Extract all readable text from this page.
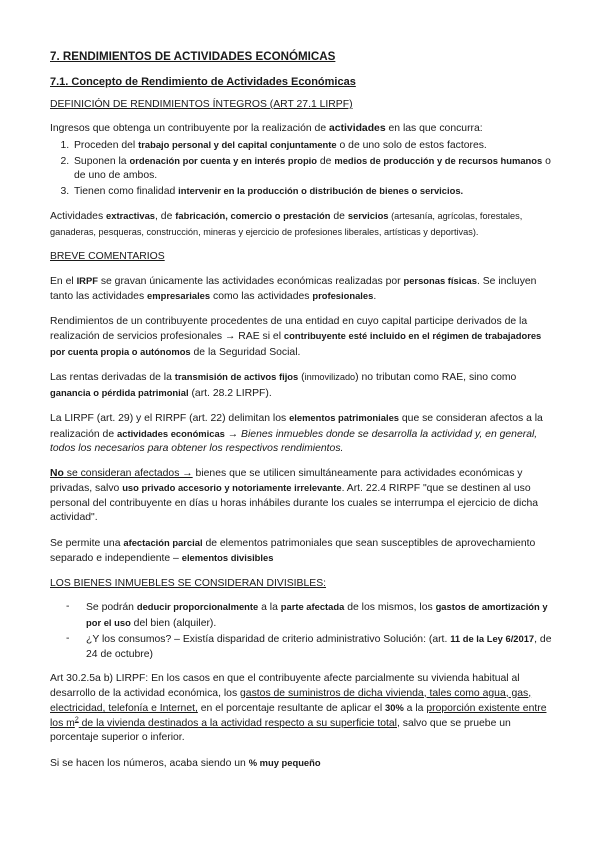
7. RENDIMIENTOS DE ACTIVIDADES ECONÓMICAS
7.1. Concepto de Rendimiento de Actividades Económicas
DEFINICIÓN DE RENDIMIENTOS ÍNTEGROS (ART 27.1 LIRPF)

Ingresos que obtenga un contribuyente por la realización de actividades en las que concurra:

1. Proceden del trabajo personal y del capital conjuntamente o de uno solo de estos factores.
2. Suponen la ordenación por cuenta y en interés propio de medios de producción y de recursos humanos o de uno de ambos.
3. Tienen como finalidad intervenir en la producción o distribución de bienes o servicios.

Actividades extractivas, de fabricación, comercio o prestación de servicios (artesanía, agrícolas, forestales, ganaderas, pesqueras, construcción, mineras y ejercicio de profesiones liberales, artísticas y deportivas).

BREVE COMENTARIOS

En el IRPF se gravan únicamente las actividades económicas realizadas por personas físicas. Se incluyen tanto las actividades empresariales como las actividades profesionales.

Rendimientos de un contribuyente procedentes de una entidad en cuyo capital participe derivados de la realización de servicios profesionales → RAE si el contribuyente esté incluido en el régimen de trabajadores por cuenta propia o autónomos de la Seguridad Social.

Las rentas derivadas de la transmisión de activos fijos (inmovilizado) no tributan como RAE, sino como ganancia o pérdida patrimonial (art. 28.2 LIRPF).

La LIRPF (art. 29) y el RIRPF (art. 22) delimitan los elementos patrimoniales que se consideran afectos a la realización de actividades económicas → Bienes inmuebles donde se desarrolla la actividad y, en general, todos los necesarios para obtener los respectivos rendimientos.

No se consideran afectados → bienes que se utilicen simultáneamente para actividades económicas y privadas, salvo uso privado accesorio y notoriamente irrelevante. Art. 22.4 RIRPF "que se destinen al uso personal del contribuyente en días u horas inhábiles durante los cuales se interrumpa el ejercicio de dicha actividad".

Se permite una afectación parcial de elementos patrimoniales que sean susceptibles de aprovechamiento separado e independiente – elementos divisibles

LOS BIENES INMUEBLES SE CONSIDERAN DIVISIBLES:
- Se podrán deducir proporcionalmente a la parte afectada de los mismos, los gastos de amortización y por el uso del bien (alquiler).
- ¿Y los consumos? – Existía disparidad de criterio administrativo Solución: (art. 11 de la Ley 6/2017, de 24 de octubre)

Art 30.2.5a b) LIRPF: En los casos en que el contribuyente afecte parcialmente su vivienda habitual al desarrollo de la actividad económica, los gastos de suministros de dicha vivienda, tales como agua, gas, electricidad, telefonía e Internet, en el porcentaje resultante de aplicar el 30% a la proporción existente entre los $m^2$ de la vivienda destinados a la actividad respecto a su superficie total, salvo que se pruebe un porcentaje superior o inferior.

Si se hacen los números, acaba siendo un % muy pequeño
